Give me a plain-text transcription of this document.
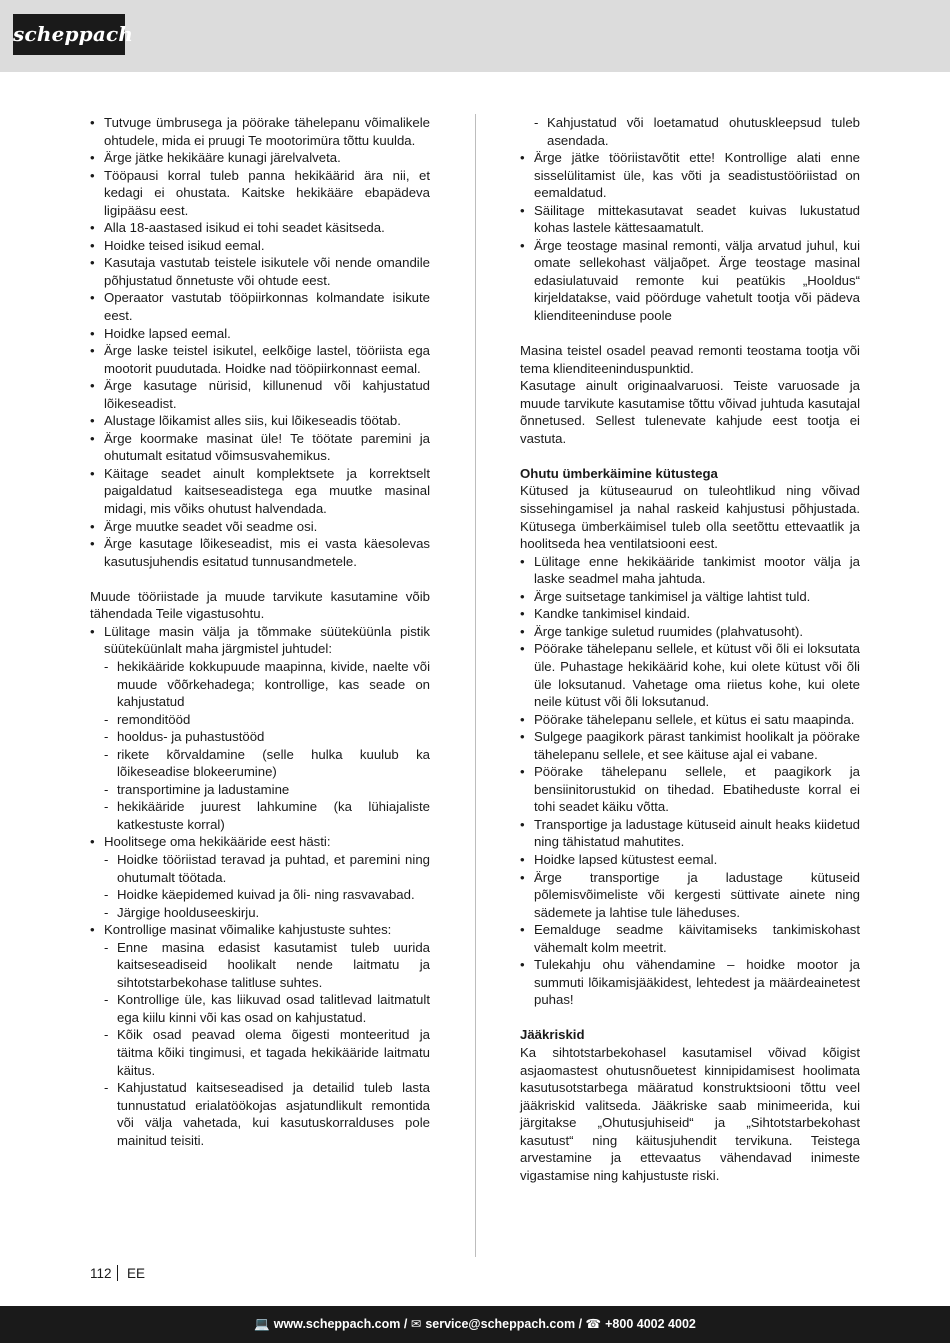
scheppach
• Tutvuge ümbrusega ja pöörake tähelepanu võimalikele ohtudele, mida ei pruugi Te mootorimüra tõttu kuulda.
• Ärge jätke hekikääre kunagi järelvalveta.
• Tööpausi korral tuleb panna hekikäärid ära nii, et kedagi ei ohustata. Kaitske hekikääre ebapädeva ligipääsu eest.
• Alla 18-aastased isikud ei tohi seadet käsitseda.
• Hoidke teised isikud eemal.
• Kasutaja vastutab teistele isikutele või nende omandile põhjustatud õnnetuste või ohtude eest.
• Operaator vastutab tööpiirkonnas kolmandate isikute eest.
• Hoidke lapsed eemal.
• Ärge laske teistel isikutel, eelkõige lastel, tööriista ega mootorit puudutada. Hoidke nad tööpiirkonnast eemal.
• Ärge kasutage nürisid, killunenud või kahjustatud lõikeseadist.
• Alustage lõikamist alles siis, kui lõikeseadis töötab.
• Ärge koormake masinat üle! Te töötate paremini ja ohutumalt esitatud võimsusvahemikus.
• Käitage seadet ainult komplektsete ja korrektselt paigaldatud kaitseseadistega ega muutke masinal midagi, mis võiks ohutust halvendada.
• Ärge muutke seadet või seadme osi.
• Ärge kasutage lõikeseadist, mis ei vasta käesolevas kasutusjuhendis esitatud tunnusandmetele.

Muude tööriistade ja muude tarvikute kasutamine võib tähendada Teile vigastusohtu.

• Lülitage masin välja ja tõmmake süüteküünla pistik süüteküünlalt maha järgmistel juhtudel:
- hekikääride kokkupuude maapinna, kivide, naelte või muude võõrkehadega; kontrollige, kas seade on kahjustatud
- remonditööd
- hooldus- ja puhastustööd
- rikete kõrvaldamine (selle hulka kuulub ka lõikeseadise blokeerumine)
- transportimine ja ladustamine
- hekikääride juurest lahkumine (ka lühiajaliste katkestuste korral)
• Hoolitsege oma hekikääride eest hästi:
- Hoidke tööriistad teravad ja puhtad, et paremini ning ohutumalt töötada.
- Hoidke käepidemed kuivad ja õli- ning rasvavabad.
- Järgige hoolduseeskirju.
• Kontrollige masinat võimalike kahjustuste suhtes:
- Enne masina edasist kasutamist tuleb uurida kaitseseadiseid hoolikalt nende laitmatu ja sihtotstarbekohase talitluse suhtes.
- Kontrollige üle, kas liikuvad osad talitlevad laitmatult ega kiilu kinni või kas osad on kahjustatud.
- Kõik osad peavad olema õigesti monteeritud ja täitma kõiki tingimusi, et tagada hekikääride laitmatu käitus.
- Kahjustatud kaitseseadised ja detailid tuleb lasta tunnustatud erialatöökojas asjatundlikult remontida või välja vahetada, kui kasutuskorralduses pole mainitud teisiti.
- Kahjustatud või loetamatud ohutuskleepsud tuleb asendada.
• Ärge jätke tööriistavõtit ette! Kontrollige alati enne sisselülitamist üle, kas võti ja seadistustööriistad on eemaldatud.
• Säilitage mittekasutavat seadet kuivas lukustatud kohas lastele kättesaamatult.
• Ärge teostage masinal remonti, välja arvatud juhul, kui omate sellekohast väljaõpet. Ärge teostage masinal edasiulatuvaid remonte kui peatükis „Hooldus“ kirjeldatakse, vaid pöörduge vahetult tootja või pädeva klienditeeninduse poole

Masina teistel osadel peavad remonti teostama tootja või tema klienditeeninduspunktid.

Kasutage ainult originaalvaruosi. Teiste varuosade ja muude tarvikute kasutamise tõttu võivad juhtuda kasutajal õnnetused. Sellest tulenevate kahjude eest tootja ei vastuta.

Ohutu ümberkäimine kütustega

Kütused ja kütuseaurud on tuleohtlikud ning võivad sissehingamisel ja nahal raskeid kahjustusi põhjustada. Kütusega ümberkäimisel tuleb olla seetõttu ettevaatlik ja hoolitseda hea ventilatsiooni eest.

• Lülitage enne hekikääride tankimist mootor välja ja laske seadmel maha jahtuda.
• Ärge suitsetage tankimisel ja vältige lahtist tuld.
• Kandke tankimisel kindaid.
• Ärge tankige suletud ruumides (plahvatusoht).
• Pöörake tähelepanu sellele, et kütust või õli ei loksutata üle. Puhastage hekikäärid kohe, kui olete kütust või õli üle loksutanud. Vahetage oma riietus kohe, kui olete neile kütust või õli loksutanud.
• Pöörake tähelepanu sellele, et kütus ei satu maapinda.
• Sulgege paagikork pärast tankimist hoolikalt ja pöörake tähelepanu sellele, et see käituse ajal ei vabane.
• Pöörake tähelepanu sellele, et paagikork ja bensiinitorustukid on tihedad. Ebatiheduste korral ei tohi seadet käiku võtta.
• Transportige ja ladustage kütuseid ainult heaks kiidetud ning tähistatud mahutites.
• Hoidke lapsed kütustest eemal.
• Ärge transportige ja ladustage kütuseid põlemisvõimeliste või kergesti süttivate ainete ning sädemete ja lahtise tule läheduses.
• Eemalduge seadme käivitamiseks tankimiskohast vähemalt kolm meetrit.
• Tulekahju ohu vähendamine – hoidke mootor ja summuti lõikamisjääkidest, lehtedest ja määrdeainetest puhas!

Jääkriskid

Ka sihtotstarbekohasel kasutamisel võivad kõigist asjaomastest ohutusnõuetest kinnipidamisest hoolimata kasutusotstarbega määratud konstruktsiooni tõttu veel jääkriskid valitseda. Jääkriske saab minimeerida, kui järgitakse „Ohutusjuhiseid“ ja „Sihtotstarbekohast kasutust“ ning käitusjuhendit tervikuna. Teistega arvestamine ja ettevaatus vähendavad inimeste vigastamise ning kahjustuste riski.

112 EE
💻 www.scheppach.com / ✉ service@scheppach.com / ☎ +800 4002 4002
